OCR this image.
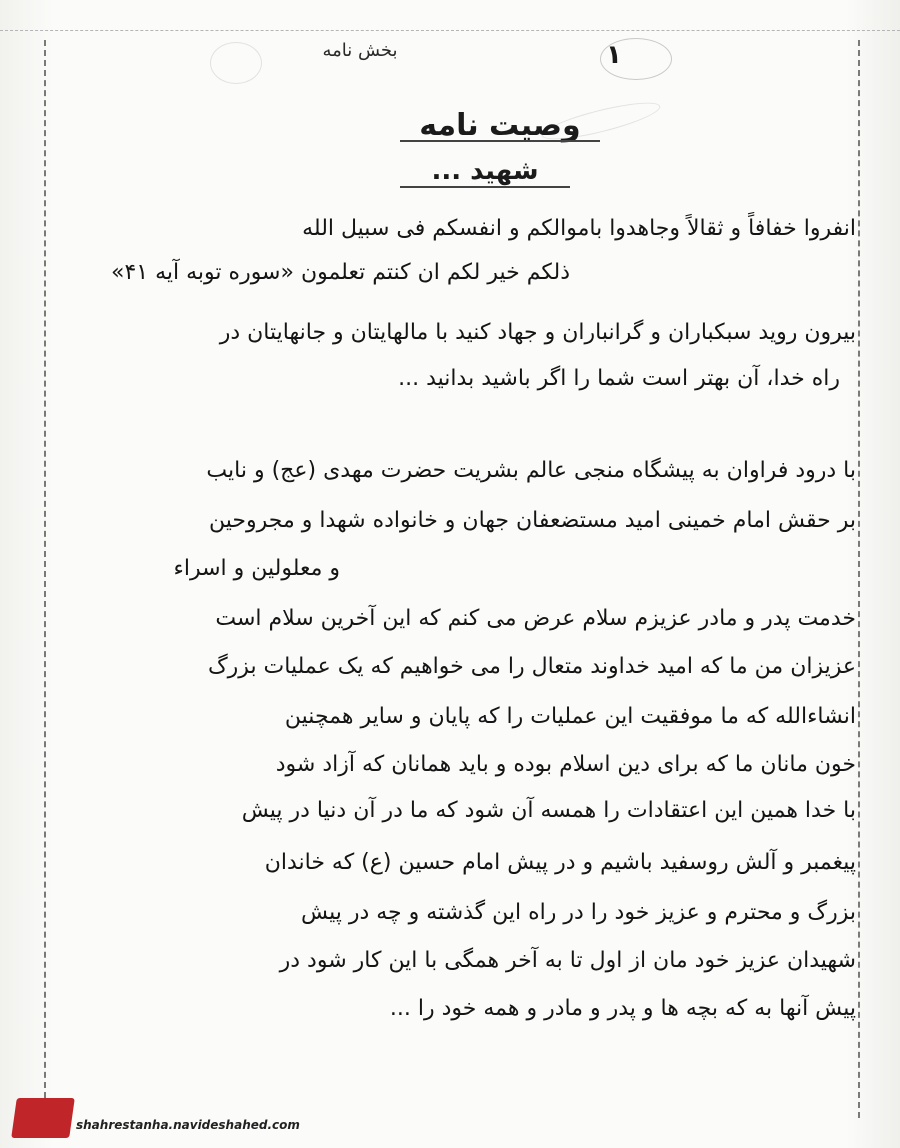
۱
بخش نامه
وصیت نامه
شهید ...
انفروا خفافاً و ثقالاً وجاهدوا باموالکم و انفسکم فی سبیل الله
ذلکم خیر لکم ان کنتم تعلمون «سوره توبه آیه ۴۱»
بیرون روید سبکباران و گرانباران و جهاد کنید با مالهایتان و جانهایتان در
راه خدا، آن بهتر است شما را اگر باشید بدانید ...
با درود فراوان به پیشگاه منجی عالم بشریت حضرت مهدی (عج) و نایب
بر حقش امام خمینی امید مستضعفان جهان و خانواده شهدا و مجروحین
و معلولین و اسراء
خدمت پدر و مادر عزیزم سلام عرض می کنم که این آخرین سلام است
عزیزان من ما که امید خداوند متعال را می خواهیم که یک عملیات بزرگ
انشاءالله که ما موفقیت این عملیات را که پایان و سایر همچنین
خون مانان ما که برای دین اسلام بوده و باید همانان که آزاد شود
با خدا همین این اعتقادات را همسه آن شود که ما در آن دنیا در پیش
پیغمبر و آلش روسفید باشیم و در پیش امام حسین (ع) که خاندان
بزرگ و محترم و عزیز خود را در راه این گذشته و چه در پیش
شهیدان عزیز خود مان از اول تا به آخر همگی با این کار شود در
پیش آنها به که بچه ها و پدر و مادر و همه خود را ...
shahrestanha.navideshahed.com
